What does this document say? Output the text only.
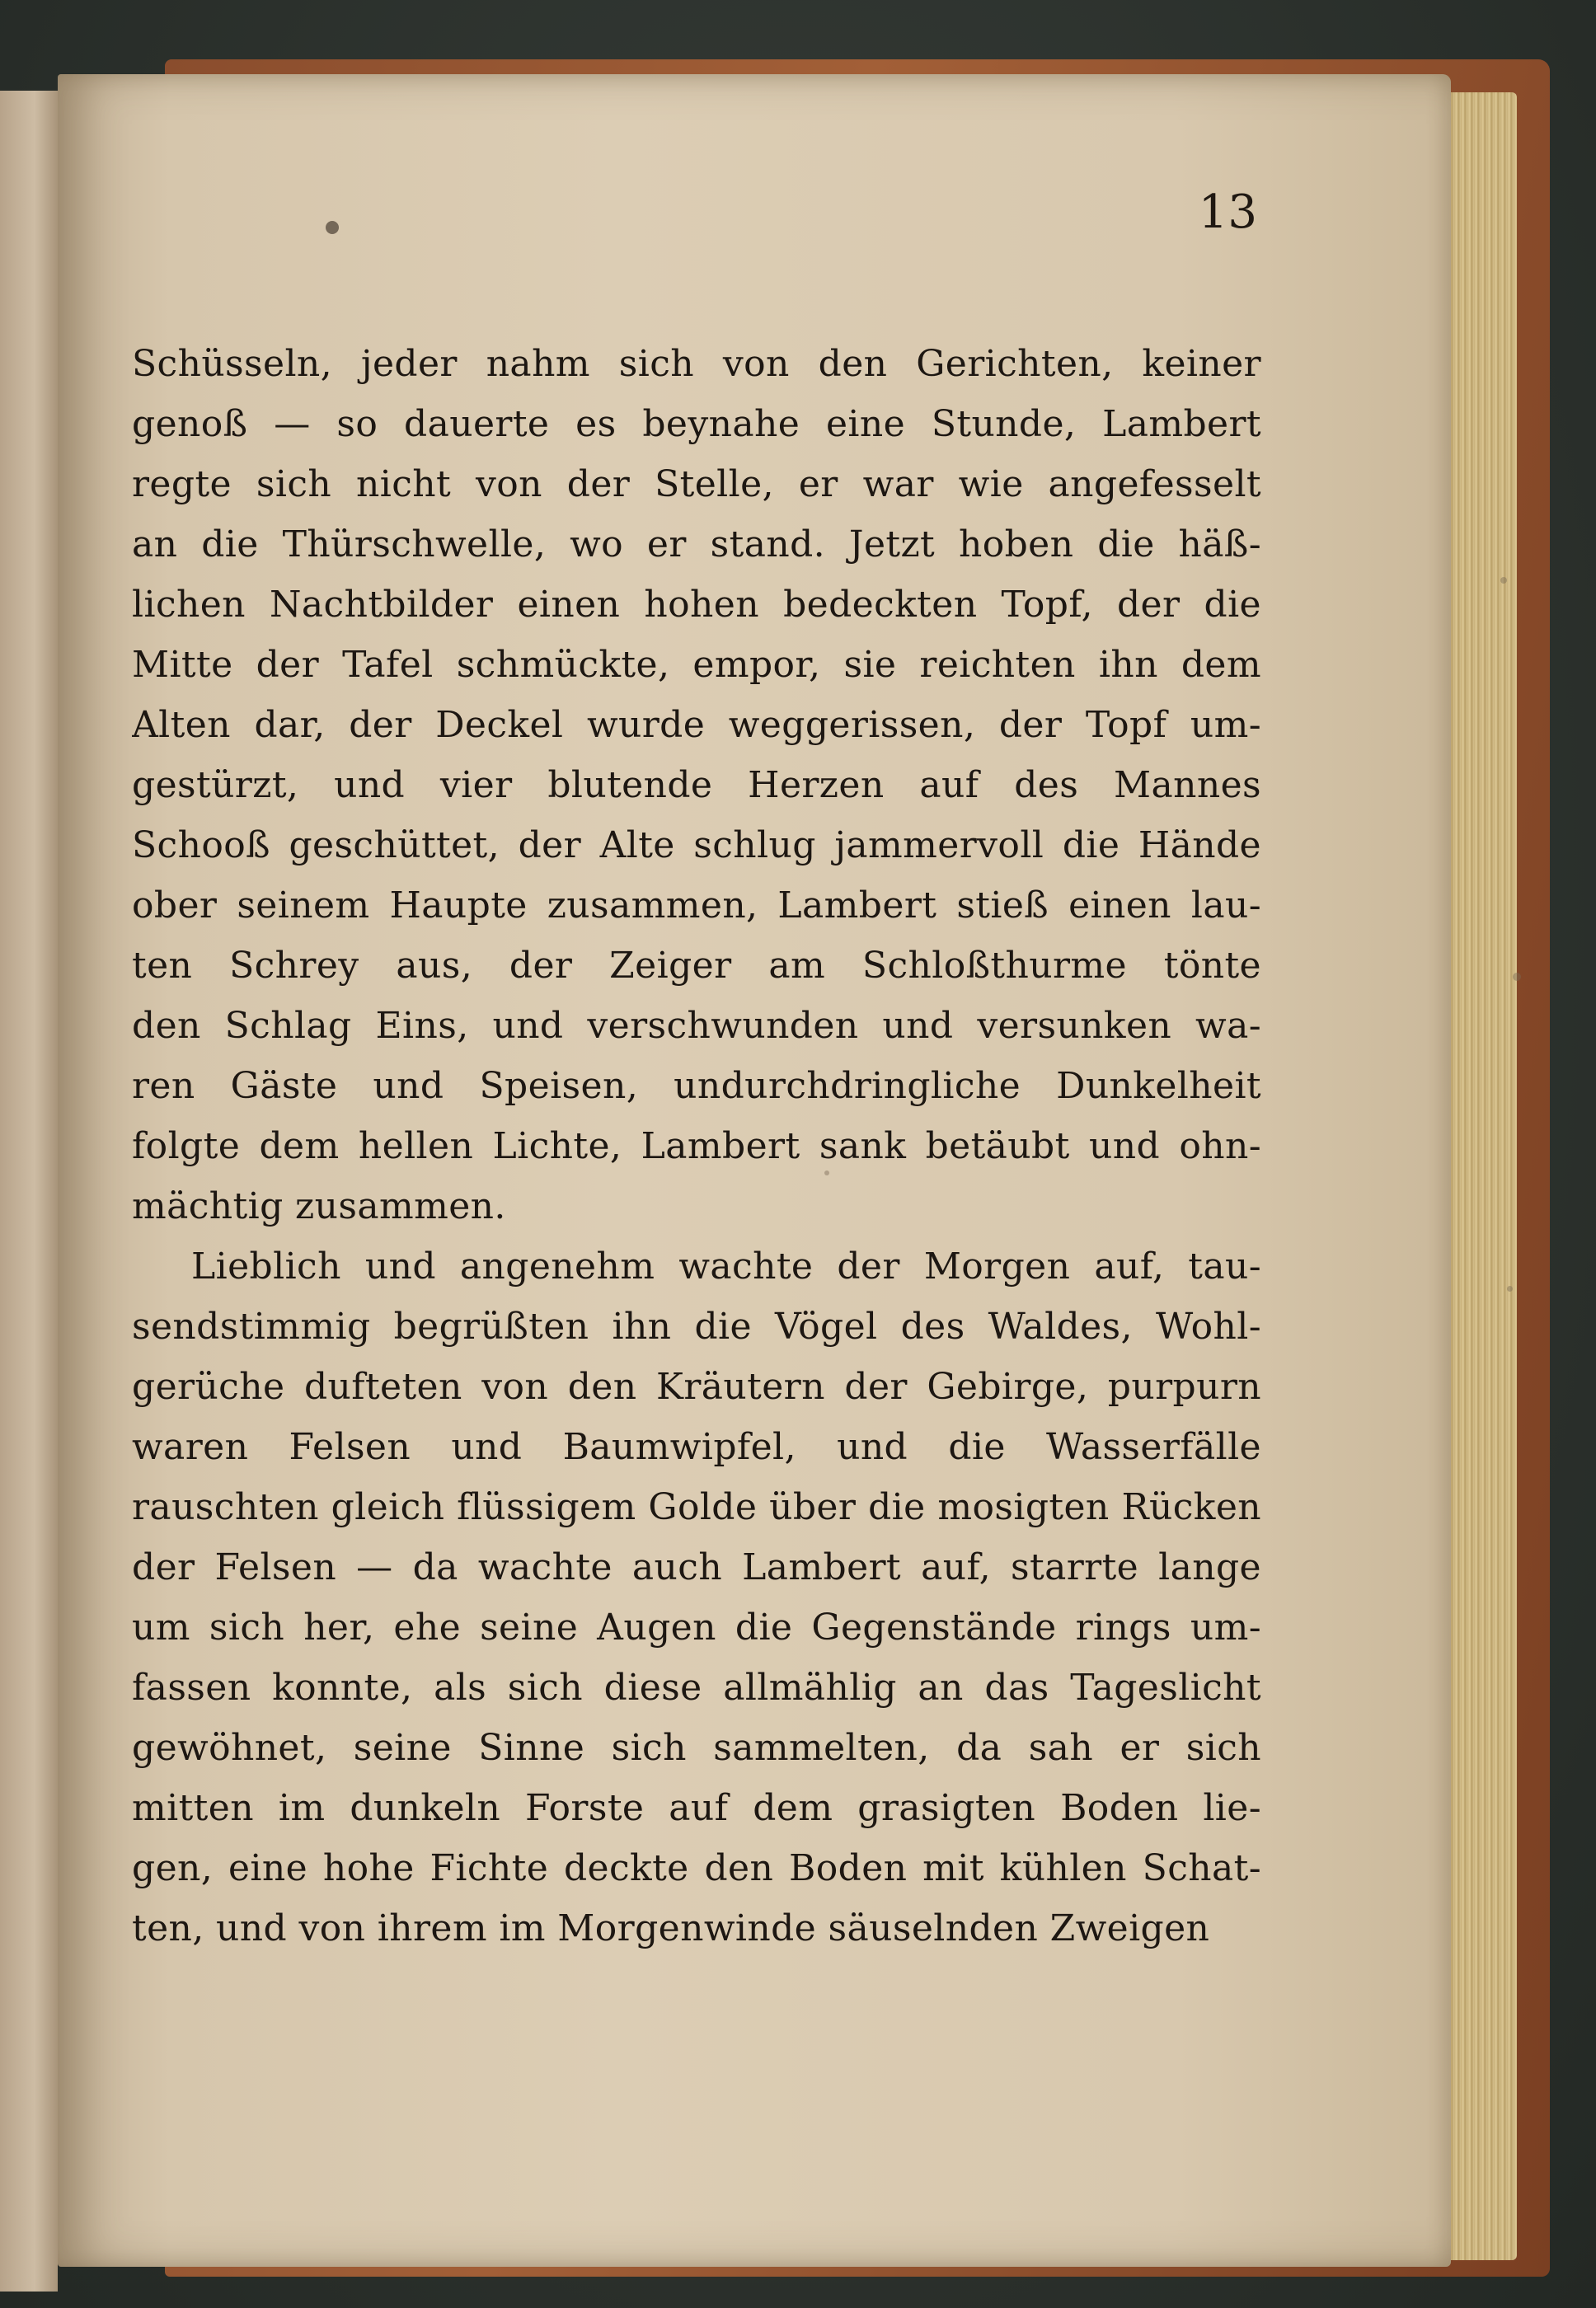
13
Schüsseln, jeder nahm sich von den Gerichten, keiner
genoß — so dauerte es beynahe eine Stunde, Lambert
regte sich nicht von der Stelle, er war wie angefesselt
an die Thürschwelle, wo er stand. Jetzt hoben die häß-
lichen Nachtbilder einen hohen bedeckten Topf, der die
Mitte der Tafel schmückte, empor, sie reichten ihn dem
Alten dar, der Deckel wurde weggerissen, der Topf um-
gestürzt, und vier blutende Herzen auf des Mannes
Schooß geschüttet, der Alte schlug jammervoll die Hände
ober seinem Haupte zusammen, Lambert stieß einen lau-
ten Schrey aus, der Zeiger am Schloßthurme tönte
den Schlag Eins, und verschwunden und versunken wa-
ren Gäste und Speisen, undurchdringliche Dunkelheit
folgte dem hellen Lichte, Lambert sank betäubt und ohn-
mächtig zusammen.
Lieblich und angenehm wachte der Morgen auf, tau-
sendstimmig begrüßten ihn die Vögel des Waldes, Wohl-
gerüche dufteten von den Kräutern der Gebirge, purpurn
waren Felsen und Baumwipfel, und die Wasserfälle
rauschten gleich flüssigem Golde über die mosigten Rücken
der Felsen — da wachte auch Lambert auf, starrte lange
um sich her, ehe seine Augen die Gegenstände rings um-
fassen konnte, als sich diese allmählig an das Tageslicht
gewöhnet, seine Sinne sich sammelten, da sah er sich
mitten im dunkeln Forste auf dem grasigten Boden lie-
gen, eine hohe Fichte deckte den Boden mit kühlen Schat-
ten, und von ihrem im Morgenwinde säuselnden Zweigen
